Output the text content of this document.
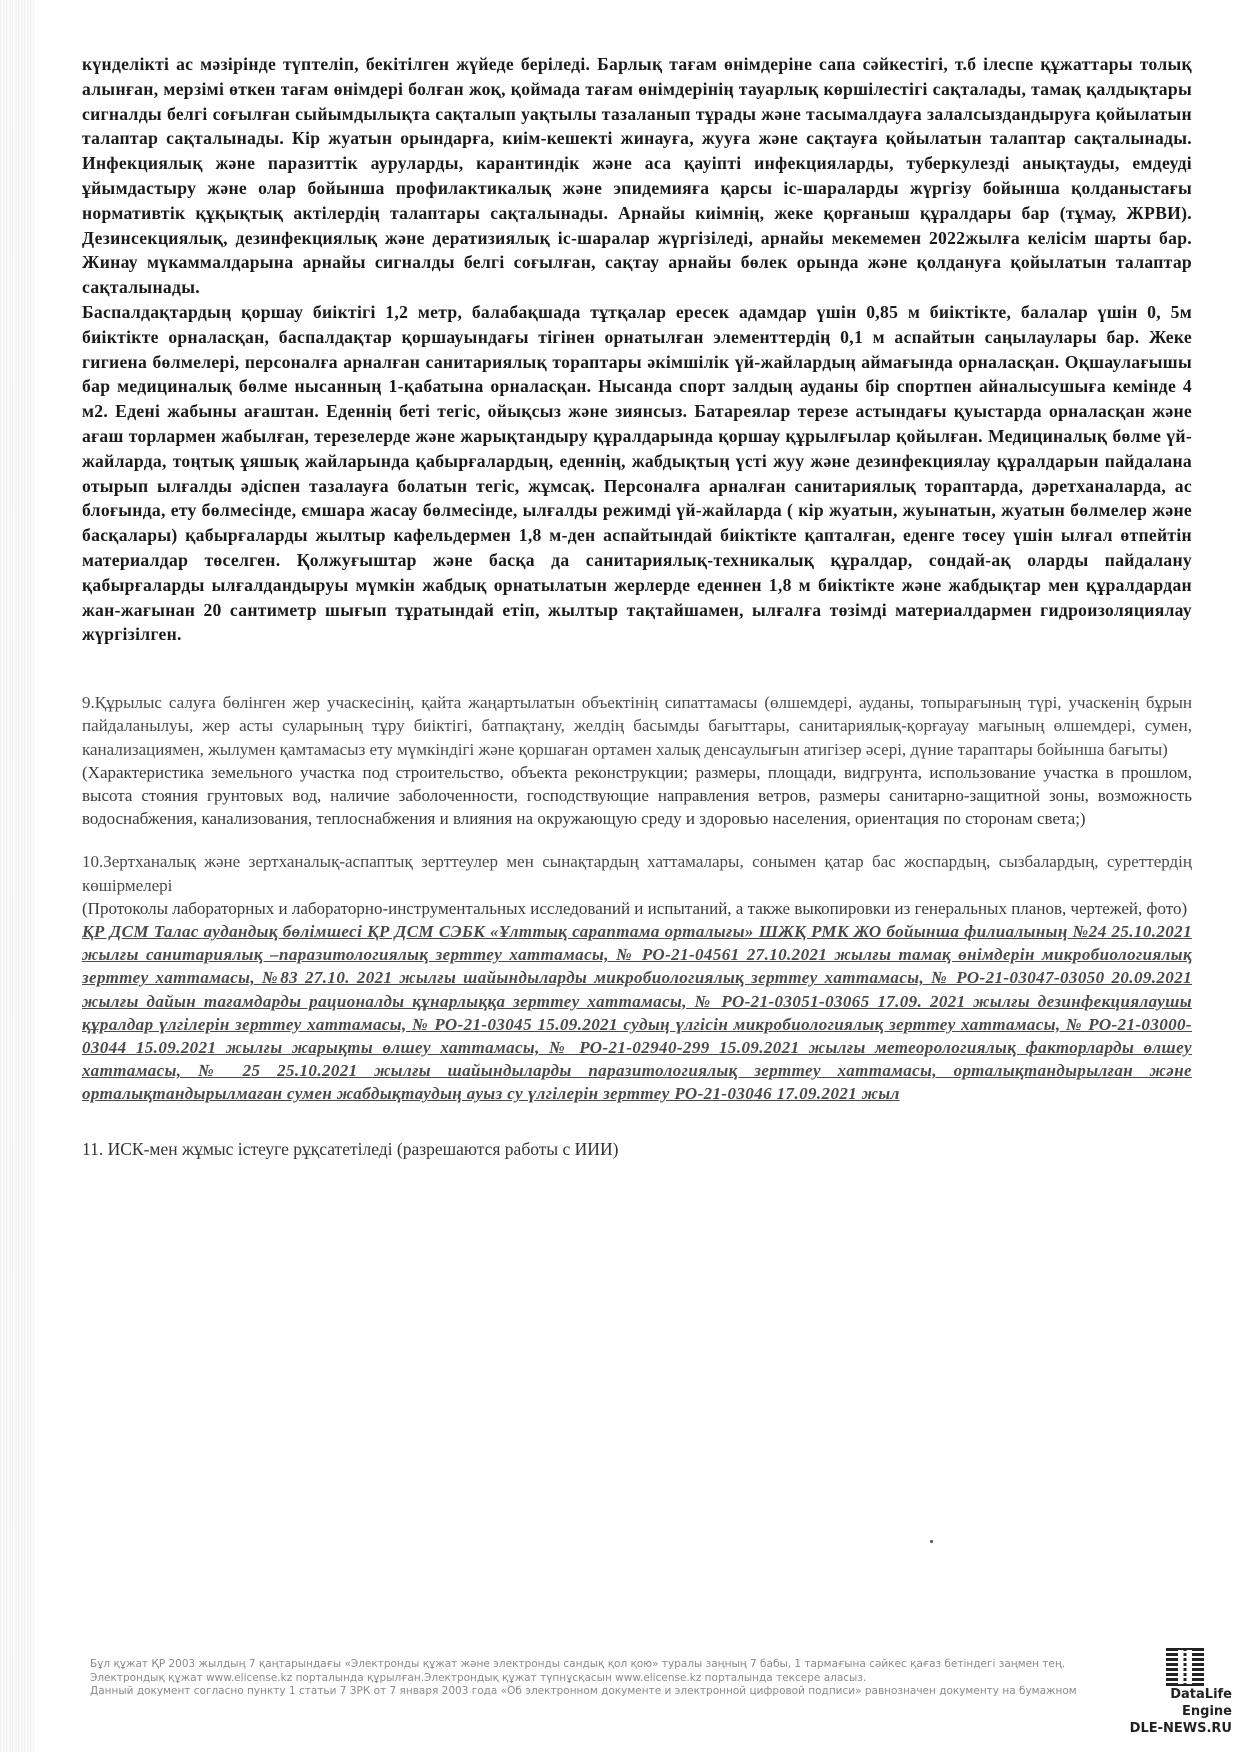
күнделікті ас мәзірінде түптеліп, бекітілген жүйеде беріледі. Барлық тағам өнімдеріне сапа сәйкестігі, т.б ілеспе құжаттары толық алынған, мерзімі өткен тағам өнімдері болған жоқ, қоймада тағам өнімдерінің тауарлық көршілестігі сақталады, тамақ қалдықтары сигналды белгі соғылған сыйымдылықта сақталып уақтылы тазаланып тұрады және тасымалдауға залалсыздандыруға қойылатын талаптар сақталынады. Кір жуатын орындарға, киім-кешекті жинауға, жууға және сақтауға қойылатын талаптар сақталынады. Инфекциялық және паразиттік ауруларды, карантиндік және аса қауіпті инфекцияларды, туберкулезді анықтауды, емдеуді ұйымдастыру және олар бойынша профилактикалық және эпидемияға қарсы іс-шараларды жүргізу бойынша қолданыстағы нормативтік құқықтық актілердің талаптары сақталынады. Арнайы киімнің, жеке қорғаныш құралдары бар (тұмау, ЖРВИ). Дезинсекциялық, дезинфекциялық және дератизиялық іс-шаралар жүргізіледі, арнайы мекемемен 2022жылға келісім шарты бар. Жинау мүкаммалдарына арнайы сигналды белгі соғылған, сақтау арнайы бөлек орында және қолдануға қойылатын талаптар сақталынады.

Баспалдақтардың қоршау биіктігі 1,2 метр, балабақшада тұтқалар ересек адамдар үшін 0,85 м биіктікте, балалар үшін 0, 5м биіктікте орналасқан, баспалдақтар қоршауындағы тігінен орнатылған элементтердің 0,1 м аспайтын саңылаулары бар. Жеке гигиена бөлмелері, персоналға арналған санитариялық тораптары әкімшілік үй-жайлардың аймағында орналасқан. Оқшаулағышы бар медициналық бөлме нысанның 1-қабатына орналасқан. Нысанда спорт залдың ауданы бір спортпен айналысушыға кемінде 4 м2. Едені жабыны ағаштан. Еденнің беті тегіс, ойықсыз және зиянсыз. Батареялар терезе астындағы қуыстарда орналасқан және ағаш торлармен жабылған, терезелерде және жарықтандыру құралдарында қоршау құрылғылар қойылған. Медициналық бөлме үй-жайларда, тоңтық ұяшық жайларында қабырғалардың, еденнің, жабдықтың үсті жуу және дезинфекциялау құралдарын пайдалана отырып ылғалды әдіспен тазалауға болатын тегіс, жұмсақ. Персоналға арналған санитариялық торaптарда, дәретханаларда, ас блоғында, ету бөлмесінде, ємшара жасау бөлмесінде, ылғалды режимді үй-жайларда ( кір жуатын, жуынатын, жуатын бөлмелер және басқалары) қабырғаларды жылтыр кафельдермен 1,8 м-ден аспайтындай биіктікте қапталған, еденге төсеу үшін ылғал өтпейтін материалдар төселген. Қолжуғыштар және басқа да санитариялық-техникалық құралдар, сондай-ақ оларды пайдалану қабырғаларды ылғалдандыруы мүмкін жабдық орнатылатын жерлерде еденнен 1,8 м биіктікте және жабдықтар мен құралдардан жан-жағынан 20 сантиметр шығып тұратындай етіп, жылтыр тақтайшамен, ылғалға төзімді материалдармен гидроизоляциялау жүргізілген.

9.Құрылыс салуға бөлінген жер учаскесінің, қайта жаңартылатын объектінің сипаттамасы (өлшемдері, ауданы, топырағының түрі, учаскенің бұрын пайдаланылуы, жер асты суларының тұру биіктігі, батпақтану, желдің басымды бағыттары, санитариялық-қорғауау мағының өлшемдері, сумен, канализациямен, жылумен қамтамасыз ету мүмкіндігі және қоршаған ортамен халық денсаулығын атигізер әсері, дүние тараптары бойынша бағыты)

(Характеристика земельного участка под строительство, объекта реконструкции; размеры, площади, видгрунта, использование участка в прошлом, высота стояния грунтовых вод, наличие заболоченности, господствующие направления ветров, размеры санитарно-защитной зоны, возможность водоснабжения, канализования, теплоснабжения и влияния на окружающую среду и здоровью населения, ориентация по сторонам света;)

10.Зертханалық және зертханалық-аспаптық зерттеулер мен сынақтардың хаттамалары, сонымен қатар бас жоспардың, сызбалардың, суреттердің көшірмелері

(Протоколы лабораторных и лабораторно-инструментальных исследований и испытаний, а также выкопировки из генеральных планов, чертежей, фото)

ҚР ДСМ Талас аудандық бөлімшесі ҚР ДСМ СЭБК «Ұлттық сараптама орталығы» ШЖҚ РМК ЖО бойынша филиалының №24 25.10.2021 жылғы санитариялық –паразитологиялық зерттеу хаттамасы, № РО-21-04561 27.10.2021 жылғы тамақ өнімдерін микробиологиялық зерттеу хаттамасы, №83 27.10. 2021 жылғы шайындыларды микробиологиялық зерттеу хаттамасы, № РО-21-03047-03050 20.09.2021 жылғы дайын тағамдарды рационалды құнарлыққа зерттеу хаттамасы, № РО-21-03051-03065 17.09. 2021 жылғы дезинфекциялаушы құралдар үлгілерін зерттеу хаттамасы, № РО-21-03045 15.09.2021 судың үлгісін микробиологиялық зерттеу хаттамасы, № РО-21-03000-03044 15.09.2021 жылғы жарықты өлшеу хаттамасы, № РО-21-02940-299 15.09.2021 жылғы метеорологиялық факторларды өлшеу хаттамасы, № 25 25.10.2021 жылғы шайындыларды паразитологиялық зерттеу хаттамасы, орталықтандырылған және орталықтандырылмаған сумен жабдықтаудың ауыз су үлгілерін зерттеу РО-21-03046 17.09.2021 жыл

11. ИСК-мен жұмыс істеуге рұқсатетіледі (разрешаются работы с ИИИ)

Бұл құжат ҚР 2003 жылдың 7 қаңтарындағы «Электронды құжат және электронды сандық қол қою» туралы заңның 7 бабы, 1 тармағына сәйкес қағаз бетіндегі заңмен тең.

Электрондық құжат www.elicense.kz порталында құрылған.Электрондық құжат түпнұсқасын www.elicense.kz порталында тексере аласыз.

Данный документ согласно пункту 1 статьи 7 ЗРК от 7 января 2003 года «Об электронном документе и электронной цифровой подписи» равнозначен документу на бумажном	DataLife Engine
DLE-NEWS.RU
